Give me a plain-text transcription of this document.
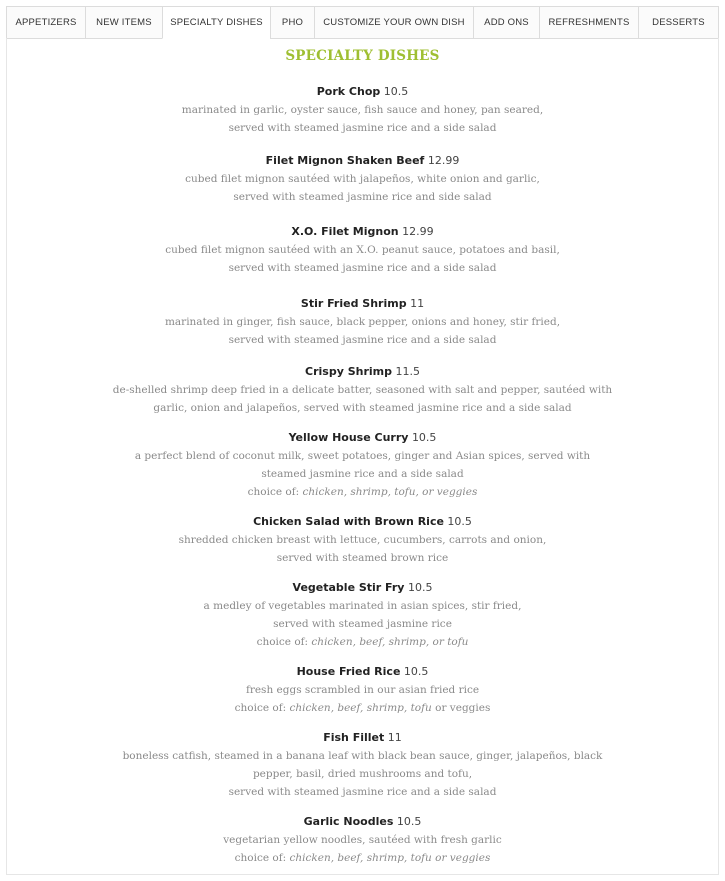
APPETIZERS	NEW ITEMS	SPECIALTY DISHES	PHO	CUSTOMIZE YOUR OWN DISH	ADD ONS	REFRESHMENTS	DESSERTS
SPECIALTY DISHES
Pork Chop 10.5
marinated in garlic, oyster sauce, fish sauce and honey, pan seared,
served with steamed jasmine rice and a side salad
Filet Mignon Shaken Beef 12.99
cubed filet mignon sautéed with jalapeños, white onion and garlic,
served with steamed jasmine rice and side salad
X.O. Filet Mignon 12.99
cubed filet mignon sautéed with an X.O. peanut sauce, potatoes and basil,
served with steamed jasmine rice and a side salad
Stir Fried Shrimp 11
marinated in ginger, fish sauce, black pepper, onions and honey, stir fried,
served with steamed jasmine rice and a side salad
Crispy Shrimp 11.5
de-shelled shrimp deep fried in a delicate batter, seasoned with salt and pepper, sautéed with
garlic, onion and jalapeños, served with steamed jasmine rice and a side salad
Yellow House Curry 10.5
a perfect blend of coconut milk, sweet potatoes, ginger and Asian spices, served with
steamed jasmine rice and a side salad
choice of: chicken, shrimp, tofu, or veggies
Chicken Salad with Brown Rice 10.5
shredded chicken breast with lettuce, cucumbers, carrots and onion,
served with steamed brown rice
Vegetable Stir Fry 10.5
a medley of vegetables marinated in asian spices, stir fried,
served with steamed jasmine rice
choice of: chicken, beef, shrimp, or tofu
House Fried Rice 10.5
fresh eggs scrambled in our asian fried rice
choice of: chicken, beef, shrimp, tofu or veggies
Fish Fillet 11
boneless catfish, steamed in a banana leaf with black bean sauce, ginger, jalapeños, black
pepper, basil, dried mushrooms and tofu,
served with steamed jasmine rice and a side salad
Garlic Noodles 10.5
vegetarian yellow noodles, sautéed with fresh garlic
choice of: chicken, beef, shrimp, tofu or veggies
